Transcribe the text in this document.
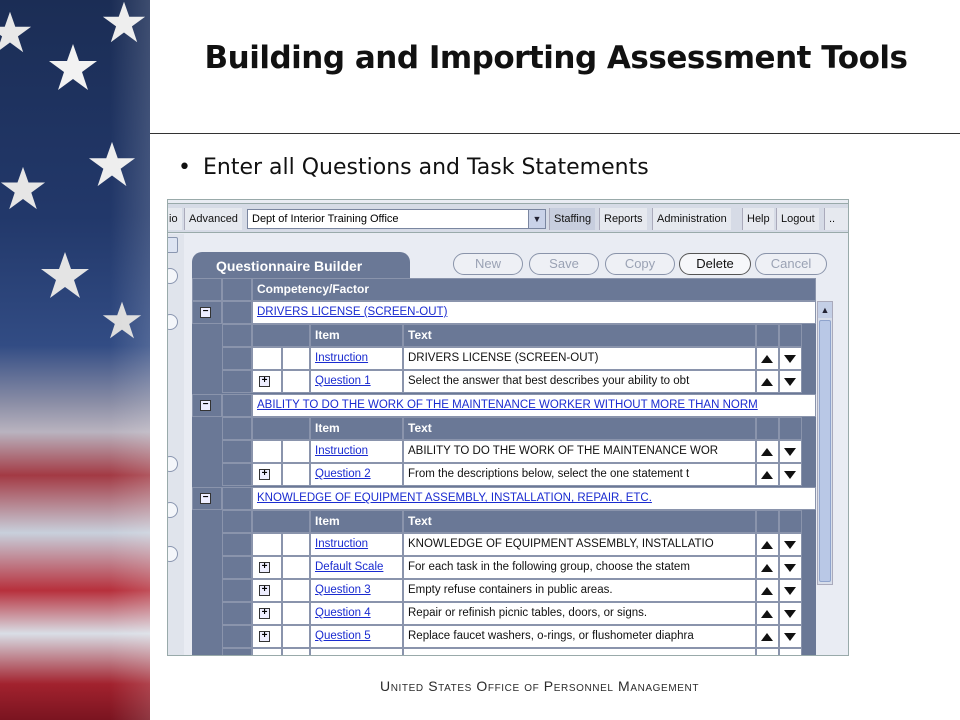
Building and Importing Assessment Tools
• Enter all Questions and Task Statements
io	Advanced	Dept of Interior Training Office	▼	Staffing	Reports	Administration	Help	Logout	..
Questionnaire Builder	New	Save	Copy	Delete	Cancel
Competency/Factor
−	DRIVERS LICENSE (SCREEN-OUT)
Item	Text
Instruction	DRIVERS LICENSE (SCREEN-OUT)
+	Question 1	Select the answer that best describes your ability to obt
−	ABILITY TO DO THE WORK OF THE MAINTENANCE WORKER WITHOUT MORE THAN NORM
Item	Text
Instruction	ABILITY TO DO THE WORK OF THE MAINTENANCE WOR
+	Question 2	From the descriptions below, select the one statement t
−	KNOWLEDGE OF EQUIPMENT ASSEMBLY, INSTALLATION, REPAIR, ETC.
Item	Text
Instruction	KNOWLEDGE OF EQUIPMENT ASSEMBLY, INSTALLATIO
+	Default Scale	For each task in the following group, choose the statem
+	Question 3	Empty refuse containers in public areas.
+	Question 4	Repair or refinish picnic tables, doors, or signs.
+	Question 5	Replace faucet washers, o-rings, or flushometer diaphra
▲
United States Office of Personnel Management
